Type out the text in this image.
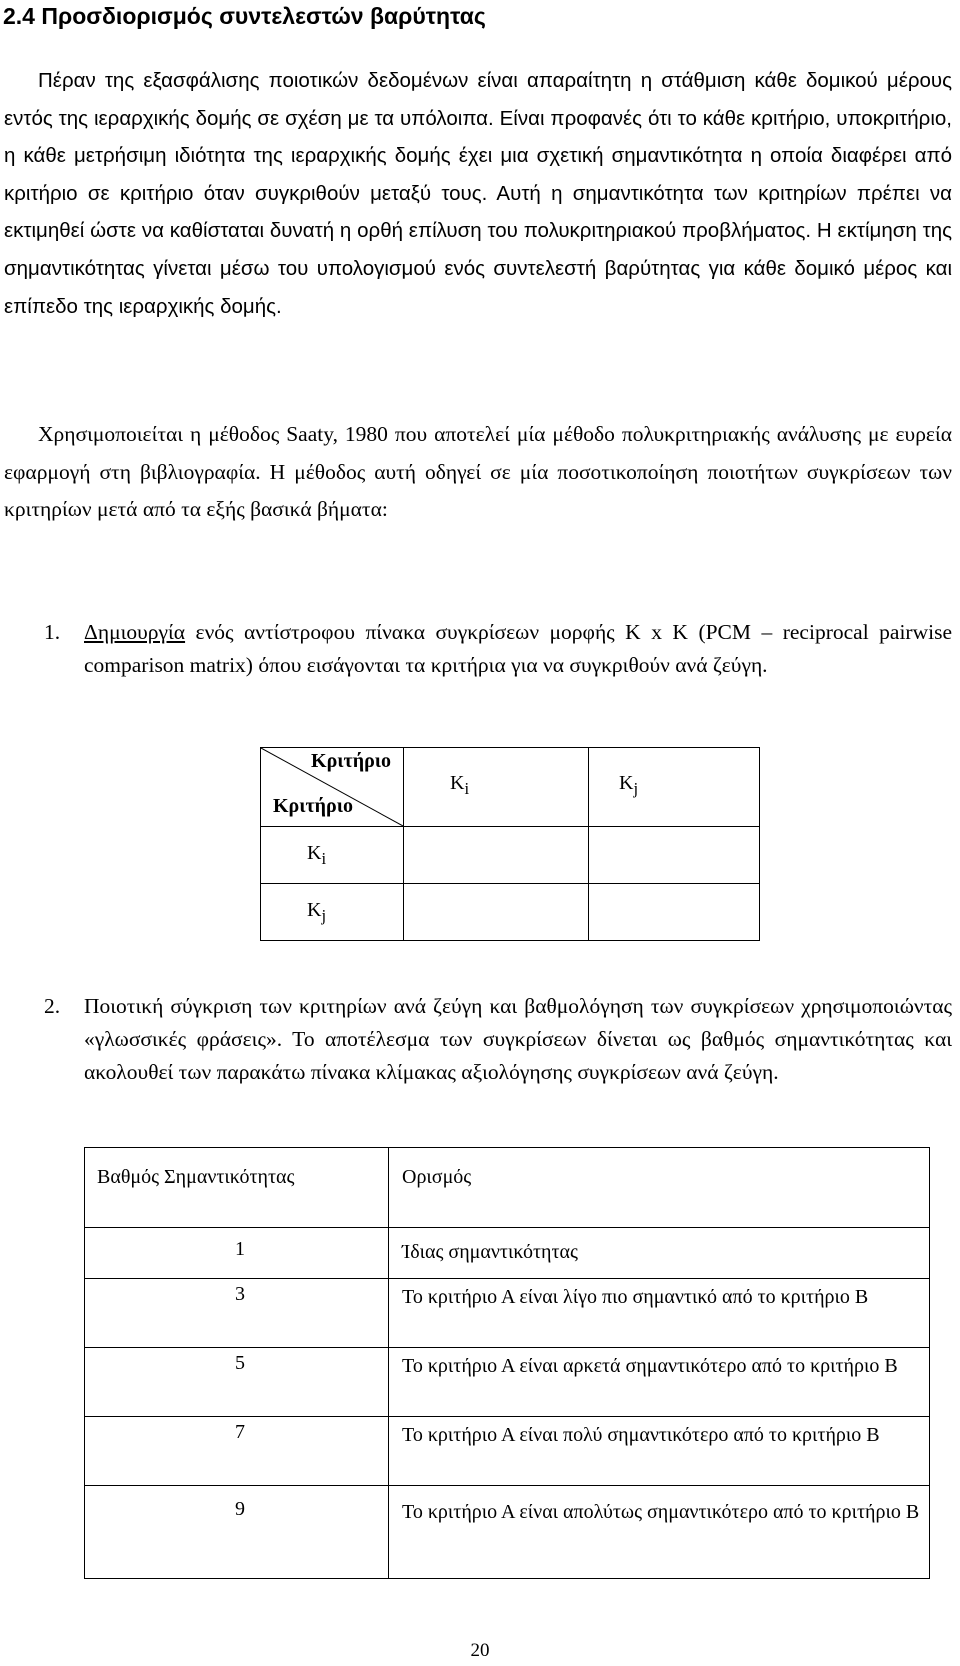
2.4 Προσδιορισμός συντελεστών βαρύτητας

Πέραν της εξασφάλισης ποιοτικών δεδομένων είναι απαραίτητη η στάθμιση κάθε δομικού μέρους εντός της ιεραρχικής δομής σε σχέση με τα υπόλοιπα. Είναι προφανές ότι το κάθε κριτήριο, υποκριτήριο, η κάθε μετρήσιμη ιδιότητα της ιεραρχικής δομής έχει μια σχετική σημαντικότητα η οποία διαφέρει από κριτήριο σε κριτήριο όταν συγκριθούν μεταξύ τους. Αυτή η σημαντικότητα των κριτηρίων πρέπει να εκτιμηθεί ώστε να καθίσταται δυνατή η ορθή επίλυση του πολυκριτηριακού προβλήματος. Η εκτίμηση της σημαντικότητας γίνεται μέσω του υπολογισμού ενός συντελεστή βαρύτητας για κάθε δομικό μέρος και επίπεδο της ιεραρχικής δομής.

Χρησιμοποιείται η μέθοδος Saaty, 1980 που αποτελεί μία μέθοδο πολυκριτηριακής ανάλυσης με ευρεία εφαρμογή στη βιβλιογραφία. Η μέθοδος αυτή οδηγεί σε μία ποσοτικοποίηση ποιοτήτων συγκρίσεων των κριτηρίων μετά από τα εξής βασικά βήματα:

1. Δημιουργία ενός αντίστροφου πίνακα συγκρίσεων μορφής K x K (PCM – reciprocal pairwise comparison matrix) όπου εισάγονται τα κριτήρια για να συγκριθούν ανά ζεύγη.
Κριτήριο
Κριτήριο	$K_i$	$K_j$
$K_i$		
$K_j$		
2. Ποιοτική σύγκριση των κριτηρίων ανά ζεύγη και βαθμολόγηση των συγκρίσεων χρησιμοποιώντας «γλωσσικές φράσεις». Το αποτέλεσμα των συγκρίσεων δίνεται ως βαθμός σημαντικότητας και ακολουθεί των παρακάτω πίνακα κλίμακας αξιολόγησης συγκρίσεων ανά ζεύγη.
Βαθμός Σημαντικότητας	Ορισμός
1	Ίδιας σημαντικότητας
3	Το κριτήριο Α είναι λίγο πιο σημαντικό από το κριτήριο Β
5	Το κριτήριο Α είναι αρκετά σημαντικότερο από το κριτήριο Β
7	Το κριτήριο Α είναι πολύ σημαντικότερο από το κριτήριο Β
9	Το κριτήριο Α είναι απολύτως σημαντικότερο από το κριτήριο Β
20
